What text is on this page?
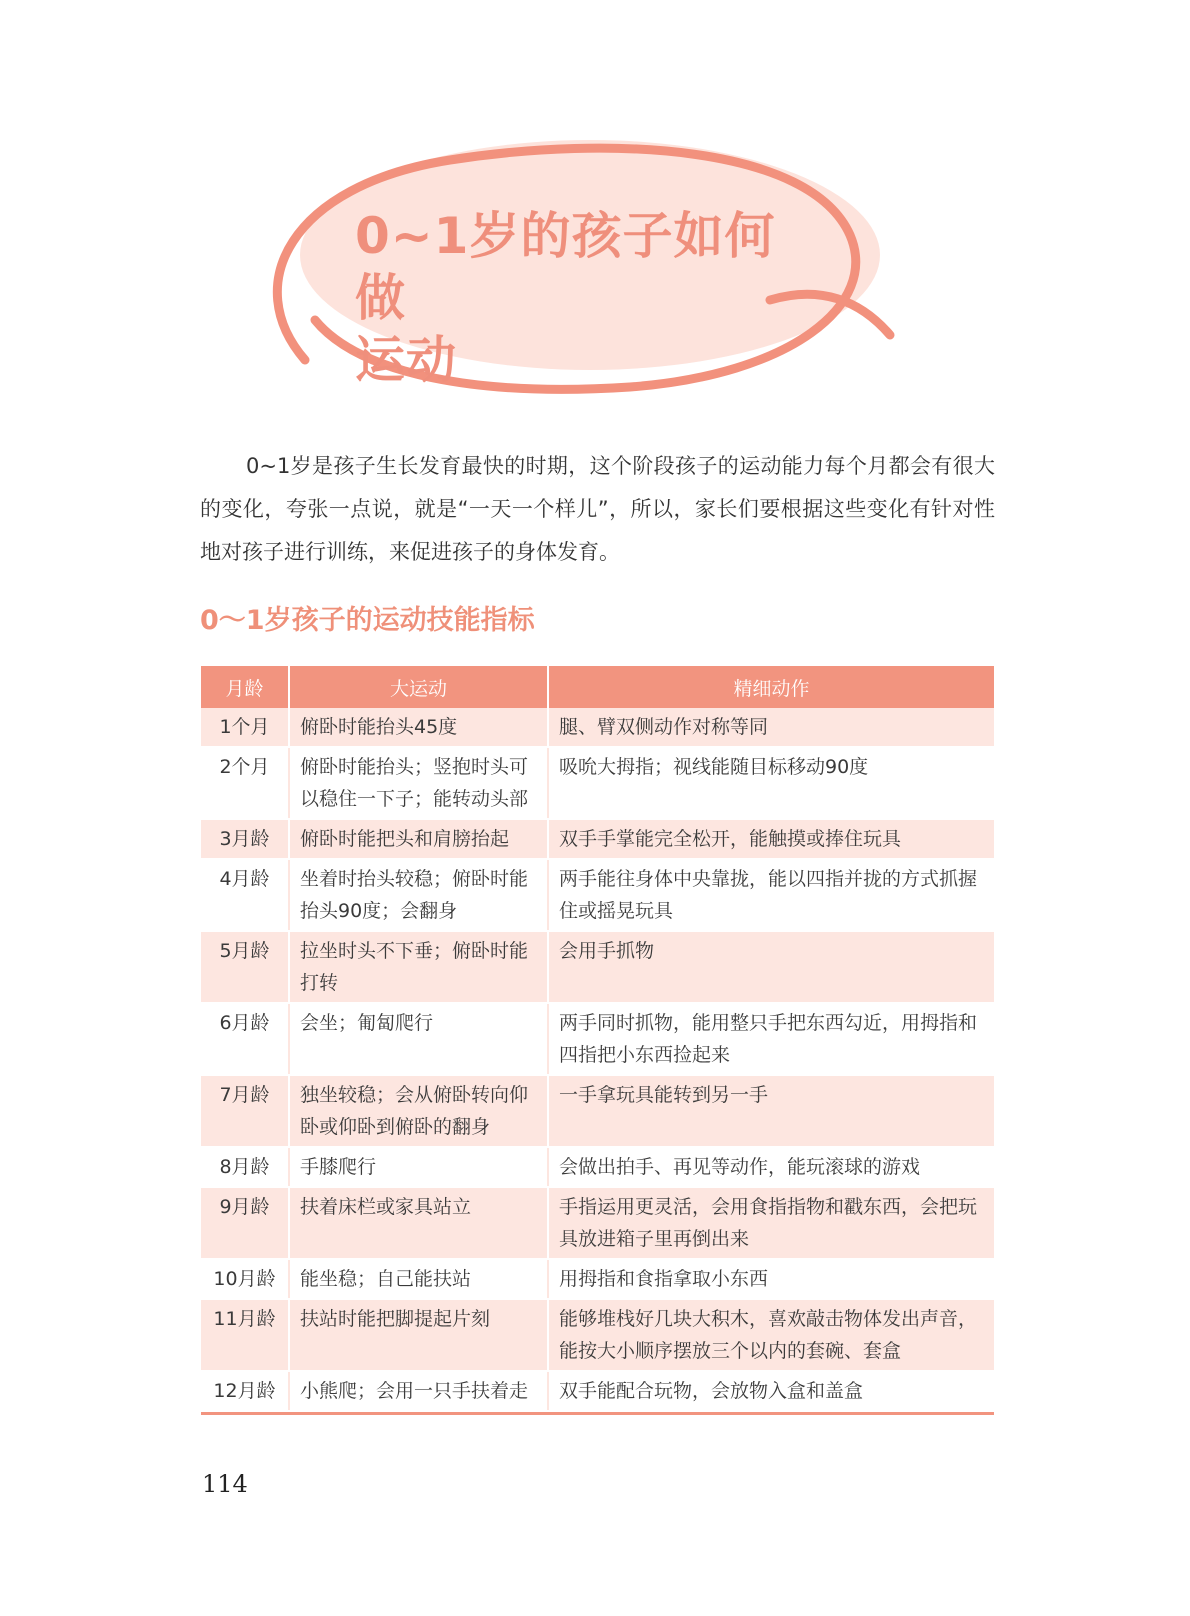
0~1岁的孩子如何做
运动

0~1岁是孩子生长发育最快的时期，这个阶段孩子的运动能力每个月都会有很大的变化，夸张一点说，就是“一天一个样儿”，所以，家长们要根据这些变化有针对性地对孩子进行训练，来促进孩子的身体发育。

0～1岁孩子的运动技能指标
月龄	大运动	精细动作
1个月	俯卧时能抬头45度	腿、臂双侧动作对称等同
2个月	俯卧时能抬头；竖抱时头可以稳住一下子；能转动头部	吸吮大拇指；视线能随目标移动90度
3月龄	俯卧时能把头和肩膀抬起	双手手掌能完全松开，能触摸或捧住玩具
4月龄	坐着时抬头较稳；俯卧时能抬头90度；会翻身	两手能往身体中央靠拢，能以四指并拢的方式抓握住或摇晃玩具
5月龄	拉坐时头不下垂；俯卧时能打转	会用手抓物
6月龄	会坐；匍匐爬行	两手同时抓物，能用整只手把东西勾近，用拇指和四指把小东西捡起来
7月龄	独坐较稳；会从俯卧转向仰卧或仰卧到俯卧的翻身	一手拿玩具能转到另一手
8月龄	手膝爬行	会做出拍手、再见等动作，能玩滚球的游戏
9月龄	扶着床栏或家具站立	手指运用更灵活，会用食指指物和戳东西，会把玩具放进箱子里再倒出来
10月龄	能坐稳；自己能扶站	用拇指和食指拿取小东西
11月龄	扶站时能把脚提起片刻	能够堆栈好几块大积木，喜欢敲击物体发出声音，能按大小顺序摆放三个以内的套碗、套盒
12月龄	小熊爬；会用一只手扶着走	双手能配合玩物，会放物入盒和盖盒
114
